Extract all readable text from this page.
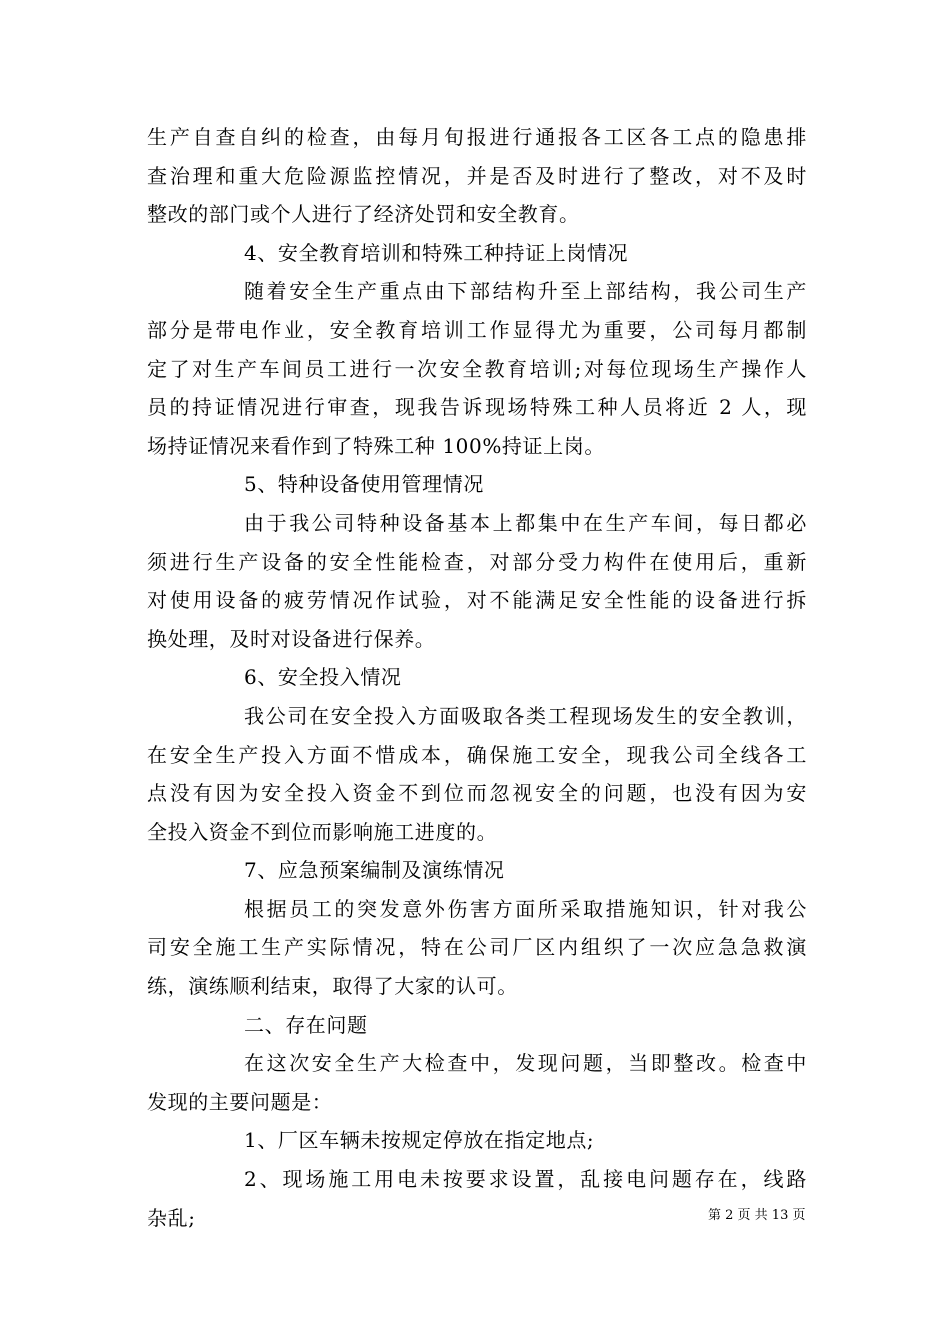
生产自查自纠的检查，由每月旬报进行通报各工区各工点的隐患排
查治理和重大危险源监控情况，并是否及时进行了整改，对不及时
整改的部门或个人进行了经济处罚和安全教育。
4、安全教育培训和特殊工种持证上岗情况
随着安全生产重点由下部结构升至上部结构，我公司生产
部分是带电作业，安全教育培训工作显得尤为重要，公司每月都制
定了对生产车间员工进行一次安全教育培训;对每位现场生产操作人
员的持证情况进行审查，现我告诉现场特殊工种人员将近 2 人，现
场持证情况来看作到了特殊工种 100%持证上岗。
5、特种设备使用管理情况
由于我公司特种设备基本上都集中在生产车间，每日都必
须进行生产设备的安全性能检查，对部分受力构件在使用后，重新
对使用设备的疲劳情况作试验，对不能满足安全性能的设备进行拆
换处理，及时对设备进行保养。
6、安全投入情况
我公司在安全投入方面吸取各类工程现场发生的安全教训，
在安全生产投入方面不惜成本，确保施工安全，现我公司全线各工
点没有因为安全投入资金不到位而忽视安全的问题，也没有因为安
全投入资金不到位而影响施工进度的。
7、应急预案编制及演练情况
根据员工的突发意外伤害方面所采取措施知识，针对我公
司安全施工生产实际情况，特在公司厂区内组织了一次应急急救演
练，演练顺利结束，取得了大家的认可。
二、存在问题
在这次安全生产大检查中，发现问题，当即整改。检查中
发现的主要问题是：
1、厂区车辆未按规定停放在指定地点;
2、现场施工用电未按要求设置，乱接电问题存在，线路
杂乱;	第 2 页 共 13 页
